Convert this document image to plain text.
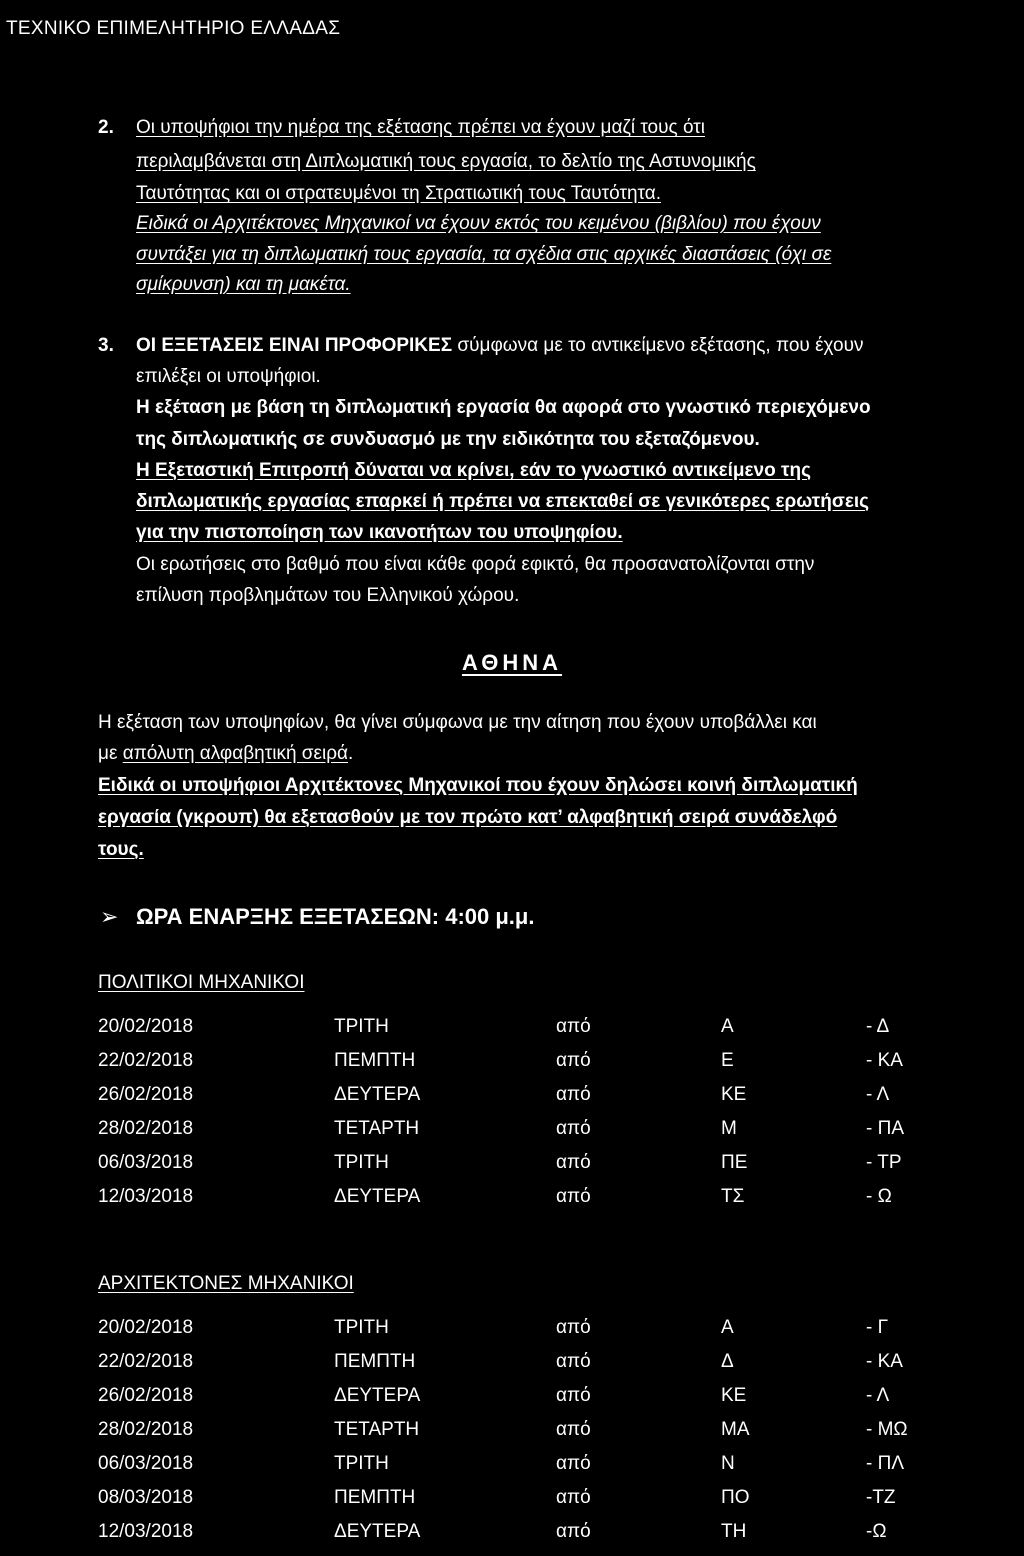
ΤΕΧΝΙΚΟ ΕΠΙΜΕΛΗΤΗΡΙΟ ΕΛΛΑΔΑΣ
2. Οι υποψήφιοι την ημέρα της εξέτασης πρέπει να έχουν μαζί τους ότι
περιλαμβάνεται στη Διπλωματική τους εργασία, το δελτίο της Αστυνομικής
Ταυτότητας και οι στρατευμένοι τη Στρατιωτική τους Ταυτότητα.
Ειδικά οι Αρχιτέκτονες Μηχανικοί να έχουν εκτός του κειμένου (βιβλίου) που έχουν
συντάξει για τη διπλωματική τους εργασία, τα σχέδια στις αρχικές διαστάσεις (όχι σε
σμίκρυνση) και τη μακέτα.
3. ΟΙ ΕΞΕΤΑΣΕΙΣ ΕΙΝΑΙ ΠΡΟΦΟΡΙΚΕΣ σύμφωνα με το αντικείμενο εξέτασης, που έχουν
επιλέξει οι υποψήφιοι.
Η εξέταση με βάση τη διπλωματική εργασία θα αφορά στο γνωστικό περιεχόμενο
της διπλωματικής σε συνδυασμό με την ειδικότητα του εξεταζόμενου.
Η Εξεταστική Επιτροπή δύναται να κρίνει, εάν το γνωστικό αντικείμενο της
διπλωματικής εργασίας επαρκεί ή πρέπει να επεκταθεί σε γενικότερες ερωτήσεις
για την πιστοποίηση των ικανοτήτων του υποψηφίου.
Οι ερωτήσεις στο βαθμό που είναι κάθε φορά εφικτό, θα προσανατολίζονται στην
επίλυση προβλημάτων του Ελληνικού χώρου.
ΑΘΗΝΑ
Η εξέταση των υποψηφίων, θα γίνει σύμφωνα με την αίτηση που έχουν υποβάλλει και
με απόλυτη αλφαβητική σειρά.
Ειδικά οι υποψήφιοι Αρχιτέκτονες Μηχανικοί που έχουν δηλώσει κοινή διπλωματική
εργασία (γκρουπ) θα εξετασθούν με τον πρώτο κατ’ αλφαβητική σειρά συνάδελφό
τους.
➢ ΩΡΑ ΕΝΑΡΞΗΣ ΕΞΕΤΑΣΕΩΝ: 4:00 μ.μ.
ΠΟΛΙΤΙΚΟΙ ΜΗΧΑΝΙΚΟΙ
20/02/2018	ΤΡΙΤΗ	από	Α	- Δ
22/02/2018	ΠΕΜΠΤΗ	από	Ε	- ΚΑ
26/02/2018	ΔΕΥΤΕΡΑ	από	ΚΕ	- Λ
28/02/2018	ΤΕΤΑΡΤΗ	από	Μ	- ΠΑ
06/03/2018	ΤΡΙΤΗ	από	ΠΕ	- ΤΡ
12/03/2018	ΔΕΥΤΕΡΑ	από	ΤΣ	- Ω
ΑΡΧΙΤΕΚΤΟΝΕΣ ΜΗΧΑΝΙΚΟΙ
20/02/2018	ΤΡΙΤΗ	από	Α	- Γ
22/02/2018	ΠΕΜΠΤΗ	από	Δ	- ΚΑ
26/02/2018	ΔΕΥΤΕΡΑ	από	ΚΕ	- Λ
28/02/2018	ΤΕΤΑΡΤΗ	από	ΜΑ	- ΜΩ
06/03/2018	ΤΡΙΤΗ	από	Ν	- ΠΛ
08/03/2018	ΠΕΜΠΤΗ	από	ΠΟ	-ΤΖ
12/03/2018	ΔΕΥΤΕΡΑ	από	ΤΗ	-Ω
